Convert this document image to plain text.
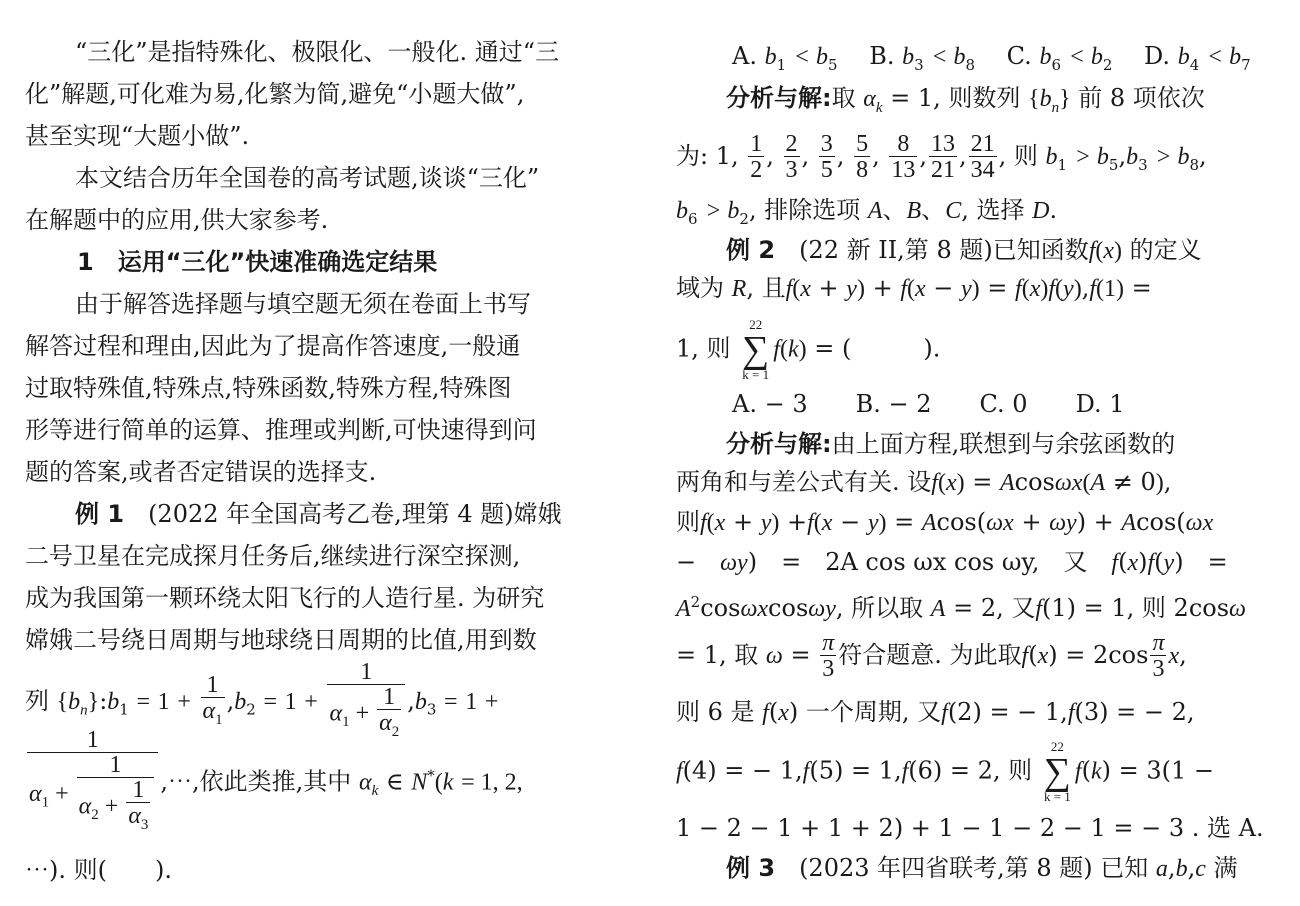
“三化”是指特殊化、极限化、一般化. 通过“三
化”解题,可化难为易,化繁为简,避免“小题大做”,
甚至实现“大题小做”.
本文结合历年全国卷的高考试题,谈谈“三化”
在解题中的应用,供大家参考.
1　运用“三化”快速准确选定结果
由于解答选择题与填空题无须在卷面上书写
解答过程和理由,因此为了提高作答速度,一般通
过取特殊值,特殊点,特殊函数,特殊方程,特殊图
形等进行简单的运算、推理或判断,可快速得到问
题的答案,或者否定错误的选择支.
例 1　 (2022 年全国高考乙卷,理第 4 题)嫦娥
二号卫星在完成探月任务后,继续进行深空探测,
成为我国第一颗环绕太阳飞行的人造行星. 为研究
嫦娥二号绕日周期与地球绕日周期的比值,用到数
列 $\{b_n\}:b_1 = 1 + \frac{1}{\alpha_1} ,b_2 = 1 + \frac{1}{\alpha_1 + \frac{1}{\alpha_2}} ,b_3 = 1$ +
$\frac{1}{\alpha_1 + \frac{1}{\alpha_2 + \frac{1}{\alpha_3}}}$ ,⋯,依此类推,其中 $\alpha_k$ ∈ N*(k = 1, 2,
⋯). 则(　　).
A. $b_1 < b_5$ 　 B. $b_3 < b_8$ 　 C. $b_6 < b_2$ 　 D. $b_4 < b_7$
分析与解:取 $\alpha_k = 1$, 则数列 $\{b_n\}$ 前 8 项依次
为: 1, $\frac{1}{2}$ , $\frac{2}{3}$ , $\frac{3}{5}$ , $\frac{5}{8}$ , $\frac{8}{13}$ , $\frac{13}{21}$ , $\frac{21}{34}$ , 则 $b_1 > b_5,b_3 > b_8$,
$b_6 > b_2$, 排除选项 A、B、C, 选择 D.
例 2　 (22 新 II,第 8 题)已知函数f(x) 的定义
域为 R, 且f(x + y) + f(x − y) = f(x)f(y),f(1) =
1, 则
22
∑
k = 1
f(k) = (　　　).
A. − 3　　 B. − 2　　 C. 0　　 D. 1
分析与解:由上面方程,联想到与余弦函数的
两角和与差公式有关. 设f(x) = Acosωx(A ≠ 0),
则f(x + y) +f(x − y) = Acos(ωx + ωy) + Acos(ωx
−　 ωy)　=　2A cos ωx cos ωy,　又　 f(x)f(y)　=
$A^2\cos\omega xcos\omega y$, 所以取 A = 2, 又f(1) = 1, 则 2cosω
= 1, 取 $\omega = \frac{\pi}{3}$ 符合题意. 为此取$f(x) = 2\cos \frac{\pi}{3} x$,
则 6 是 f(x) 一个周期, 又f(2) = − 1,f(3) = − 2,
f(4) = − 1,f(5) = 1,f(6) = 2, 则
22
∑
k = 1
f(k) = 3(1 −
1 − 2 − 1 + 1 + 2) + 1 − 1 − 2 − 1 = − 3 . 选 A.
例 3　 (2023 年四省联考,第 8 题) 已知 a,b,c 满
